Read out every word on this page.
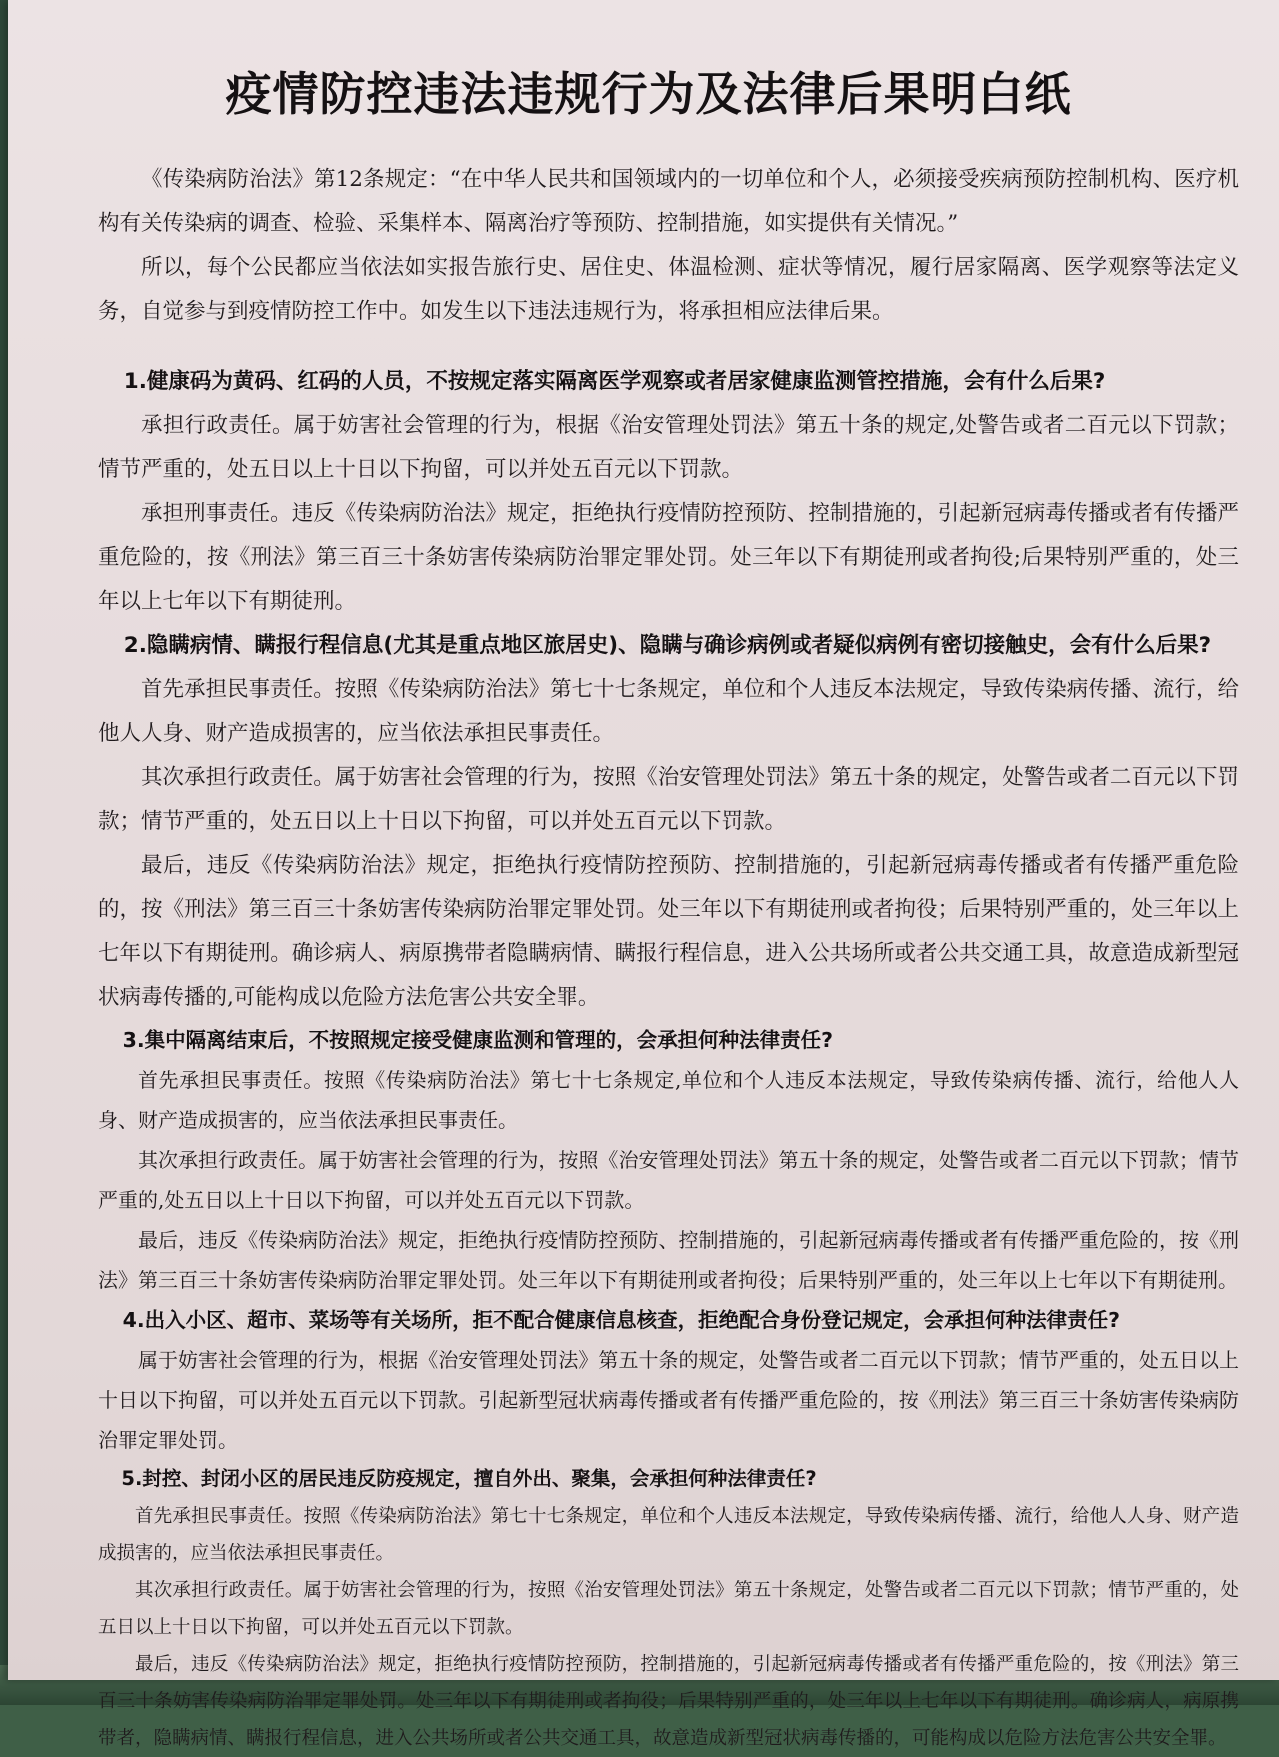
疫情防控违法违规行为及法律后果明白纸

《传染病防治法》第12条规定：“在中华人民共和国领域内的一切单位和个人，必须接受疾病预防控制机构、医疗机构有关传染病的调查、检验、采集样本、隔离治疗等预防、控制措施，如实提供有关情况。”

所以，每个公民都应当依法如实报告旅行史、居住史、体温检测、症状等情况，履行居家隔离、医学观察等法定义务，自觉参与到疫情防控工作中。如发生以下违法违规行为，将承担相应法律后果。

1.健康码为黄码、红码的人员，不按规定落实隔离医学观察或者居家健康监测管控措施，会有什么后果?

承担行政责任。属于妨害社会管理的行为，根据《治安管理处罚法》第五十条的规定,处警告或者二百元以下罚款；情节严重的，处五日以上十日以下拘留，可以并处五百元以下罚款。

承担刑事责任。违反《传染病防治法》规定，拒绝执行疫情防控预防、控制措施的，引起新冠病毒传播或者有传播严重危险的，按《刑法》第三百三十条妨害传染病防治罪定罪处罚。处三年以下有期徒刑或者拘役;后果特别严重的，处三年以上七年以下有期徒刑。

2.隐瞒病情、瞒报行程信息(尤其是重点地区旅居史)、隐瞒与确诊病例或者疑似病例有密切接触史，会有什么后果?

首先承担民事责任。按照《传染病防治法》第七十七条规定，单位和个人违反本法规定，导致传染病传播、流行，给他人人身、财产造成损害的，应当依法承担民事责任。

其次承担行政责任。属于妨害社会管理的行为，按照《治安管理处罚法》第五十条的规定，处警告或者二百元以下罚款；情节严重的，处五日以上十日以下拘留，可以并处五百元以下罚款。

最后，违反《传染病防治法》规定，拒绝执行疫情防控预防、控制措施的，引起新冠病毒传播或者有传播严重危险的，按《刑法》第三百三十条妨害传染病防治罪定罪处罚。处三年以下有期徒刑或者拘役；后果特别严重的，处三年以上七年以下有期徒刑。确诊病人、病原携带者隐瞒病情、瞒报行程信息，进入公共场所或者公共交通工具，故意造成新型冠状病毒传播的,可能构成以危险方法危害公共安全罪。

3.集中隔离结束后，不按照规定接受健康监测和管理的，会承担何种法律责任?

首先承担民事责任。按照《传染病防治法》第七十七条规定,单位和个人违反本法规定，导致传染病传播、流行，给他人人身、财产造成损害的，应当依法承担民事责任。

其次承担行政责任。属于妨害社会管理的行为，按照《治安管理处罚法》第五十条的规定，处警告或者二百元以下罚款；情节严重的,处五日以上十日以下拘留，可以并处五百元以下罚款。

最后，违反《传染病防治法》规定，拒绝执行疫情防控预防、控制措施的，引起新冠病毒传播或者有传播严重危险的，按《刑法》第三百三十条妨害传染病防治罪定罪处罚。处三年以下有期徒刑或者拘役；后果特别严重的，处三年以上七年以下有期徒刑。

4.出入小区、超市、菜场等有关场所，拒不配合健康信息核查，拒绝配合身份登记规定，会承担何种法律责任?

属于妨害社会管理的行为，根据《治安管理处罚法》第五十条的规定，处警告或者二百元以下罚款；情节严重的，处五日以上十日以下拘留，可以并处五百元以下罚款。引起新型冠状病毒传播或者有传播严重危险的，按《刑法》第三百三十条妨害传染病防治罪定罪处罚。

5.封控、封闭小区的居民违反防疫规定，擅自外出、聚集，会承担何种法律责任?

首先承担民事责任。按照《传染病防治法》第七十七条规定，单位和个人违反本法规定，导致传染病传播、流行，给他人人身、财产造成损害的，应当依法承担民事责任。

其次承担行政责任。属于妨害社会管理的行为，按照《治安管理处罚法》第五十条规定，处警告或者二百元以下罚款；情节严重的，处五日以上十日以下拘留，可以并处五百元以下罚款。

最后，违反《传染病防治法》规定，拒绝执行疫情防控预防，控制措施的，引起新冠病毒传播或者有传播严重危险的，按《刑法》第三百三十条妨害传染病防治罪定罪处罚。处三年以下有期徒刑或者拘役；后果特别严重的，处三年以上七年以下有期徒刑。确诊病人，病原携带者，隐瞒病情、瞒报行程信息，进入公共场所或者公共交通工具，故意造成新型冠状病毒传播的，可能构成以危险方法危害公共安全罪。
